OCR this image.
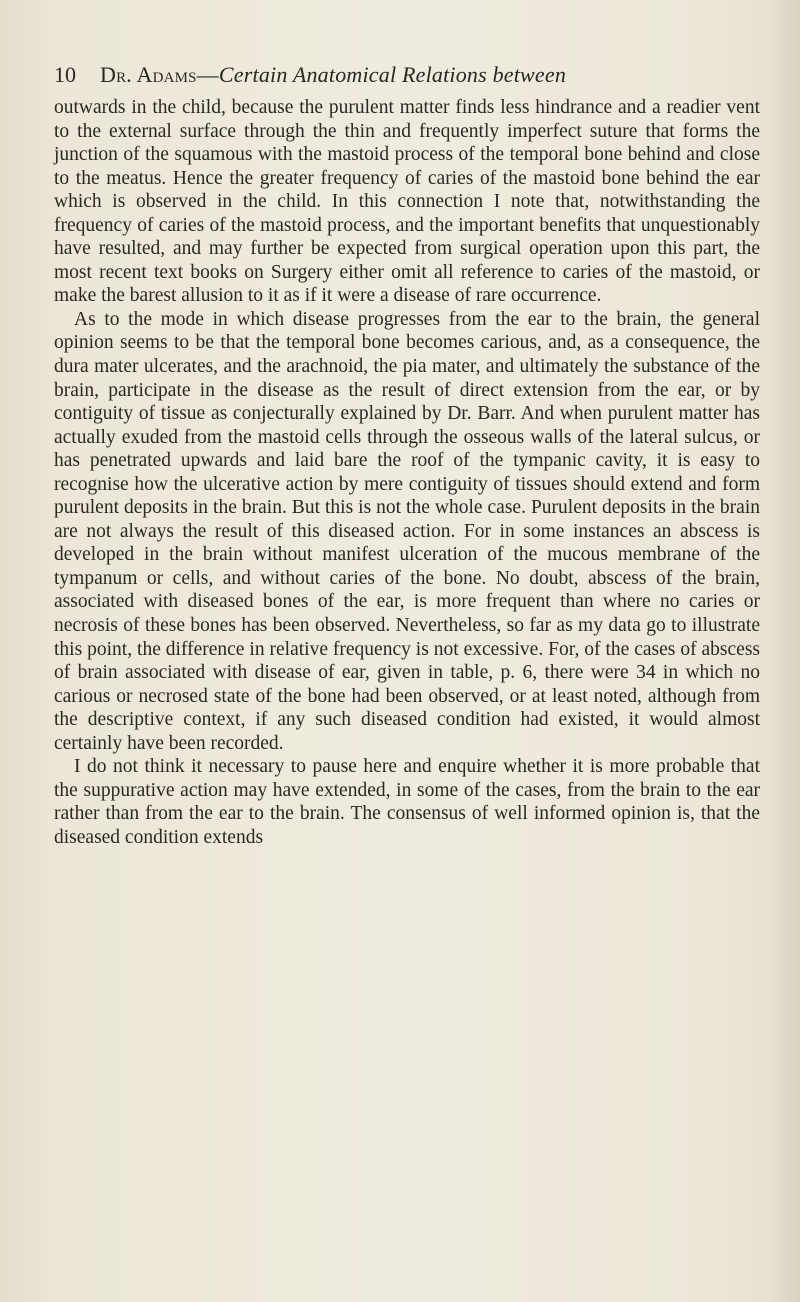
10 Dr. Adams—Certain Anatomical Relations between

outwards in the child, because the purulent matter finds less hindrance and a readier vent to the external surface through the thin and frequently imperfect suture that forms the junction of the squamous with the mastoid process of the temporal bone behind and close to the meatus. Hence the greater frequency of caries of the mastoid bone behind the ear which is observed in the child. In this connection I note that, notwithstanding the frequency of caries of the mastoid process, and the important benefits that unquestionably have resulted, and may further be expected from surgical operation upon this part, the most recent text books on Surgery either omit all reference to caries of the mastoid, or make the barest allusion to it as if it were a disease of rare occurrence.

As to the mode in which disease progresses from the ear to the brain, the general opinion seems to be that the temporal bone becomes carious, and, as a consequence, the dura mater ulcerates, and the arachnoid, the pia mater, and ultimately the substance of the brain, participate in the disease as the result of direct extension from the ear, or by contiguity of tissue as conjecturally explained by Dr. Barr. And when purulent matter has actually exuded from the mastoid cells through the osseous walls of the lateral sulcus, or has penetrated upwards and laid bare the roof of the tympanic cavity, it is easy to recognise how the ulcerative action by mere contiguity of tissues should extend and form purulent deposits in the brain. But this is not the whole case. Purulent deposits in the brain are not always the result of this diseased action. For in some instances an abscess is developed in the brain without manifest ulceration of the mucous membrane of the tympanum or cells, and without caries of the bone. No doubt, abscess of the brain, associated with diseased bones of the ear, is more frequent than where no caries or necrosis of these bones has been observed. Nevertheless, so far as my data go to illustrate this point, the difference in relative frequency is not excessive. For, of the cases of abscess of brain associated with disease of ear, given in table, p. 6, there were 34 in which no carious or necrosed state of the bone had been observed, or at least noted, although from the descriptive context, if any such diseased condition had existed, it would almost certainly have been recorded.

I do not think it necessary to pause here and enquire whether it is more probable that the suppurative action may have extended, in some of the cases, from the brain to the ear rather than from the ear to the brain. The consensus of well informed opinion is, that the diseased condition extends
